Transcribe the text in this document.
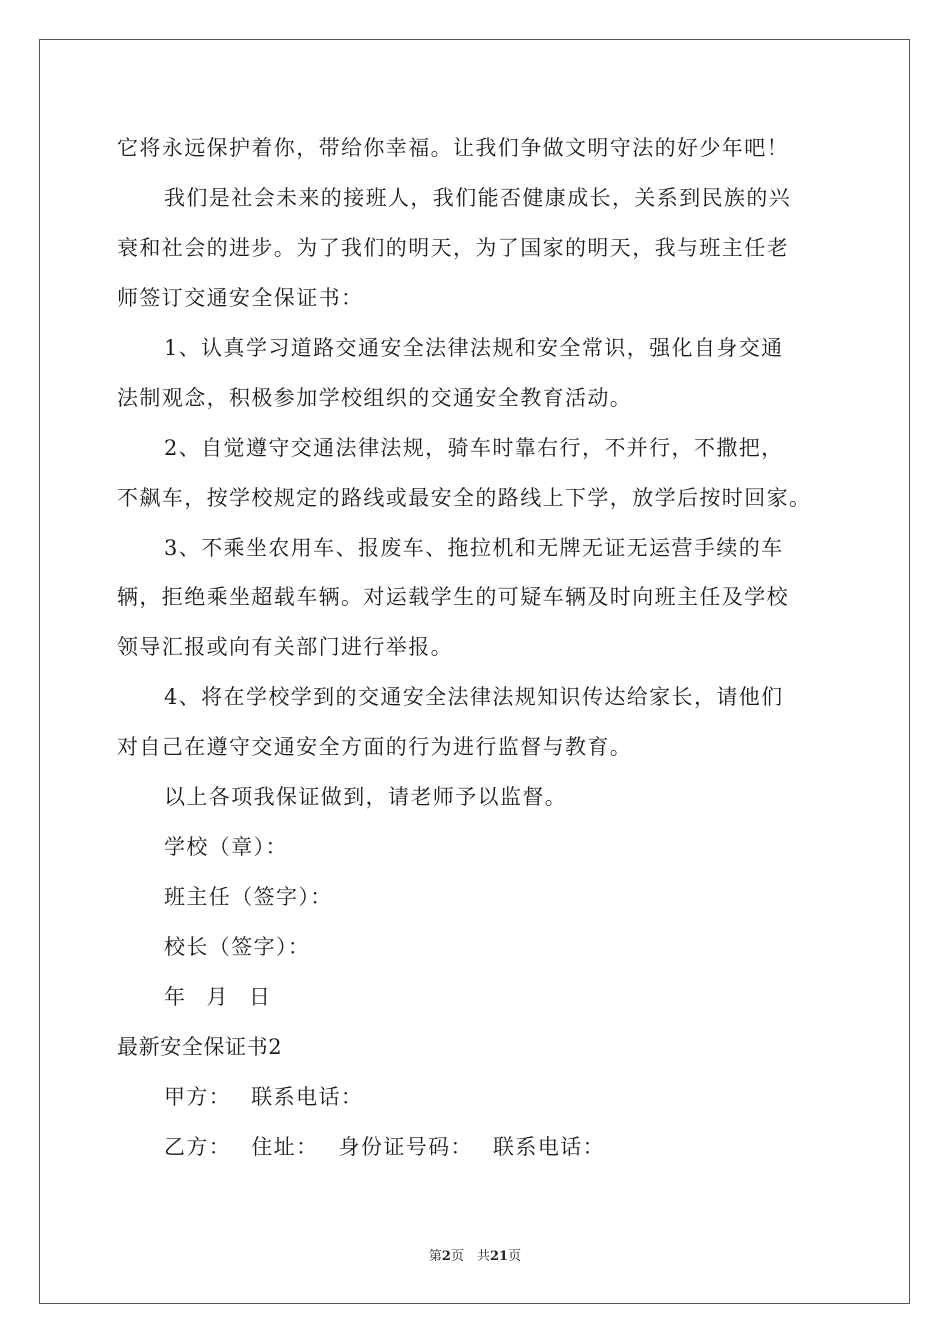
它将永远保护着你，带给你幸福。让我们争做文明守法的好少年吧！
我们是社会未来的接班人，我们能否健康成长，关系到民族的兴
衰和社会的进步。为了我们的明天，为了国家的明天，我与班主任老
师签订交通安全保证书：
1、认真学习道路交通安全法律法规和安全常识，强化自身交通
法制观念，积极参加学校组织的交通安全教育活动。
2、自觉遵守交通法律法规，骑车时靠右行，不并行，不撒把，
不飙车，按学校规定的路线或最安全的路线上下学，放学后按时回家。
3、不乘坐农用车、报废车、拖拉机和无牌无证无运营手续的车
辆，拒绝乘坐超载车辆。对运载学生的可疑车辆及时向班主任及学校
领导汇报或向有关部门进行举报。
4、将在学校学到的交通安全法律法规知识传达给家长，请他们
对自己在遵守交通安全方面的行为进行监督与教育。
以上各项我保证做到，请老师予以监督。
学校（章）：
班主任（签字）：
校长（签字）：
年 月 日
最新安全保证书2
甲方： 联系电话：
乙方： 住址： 身份证号码： 联系电话：
第2页　共21页
